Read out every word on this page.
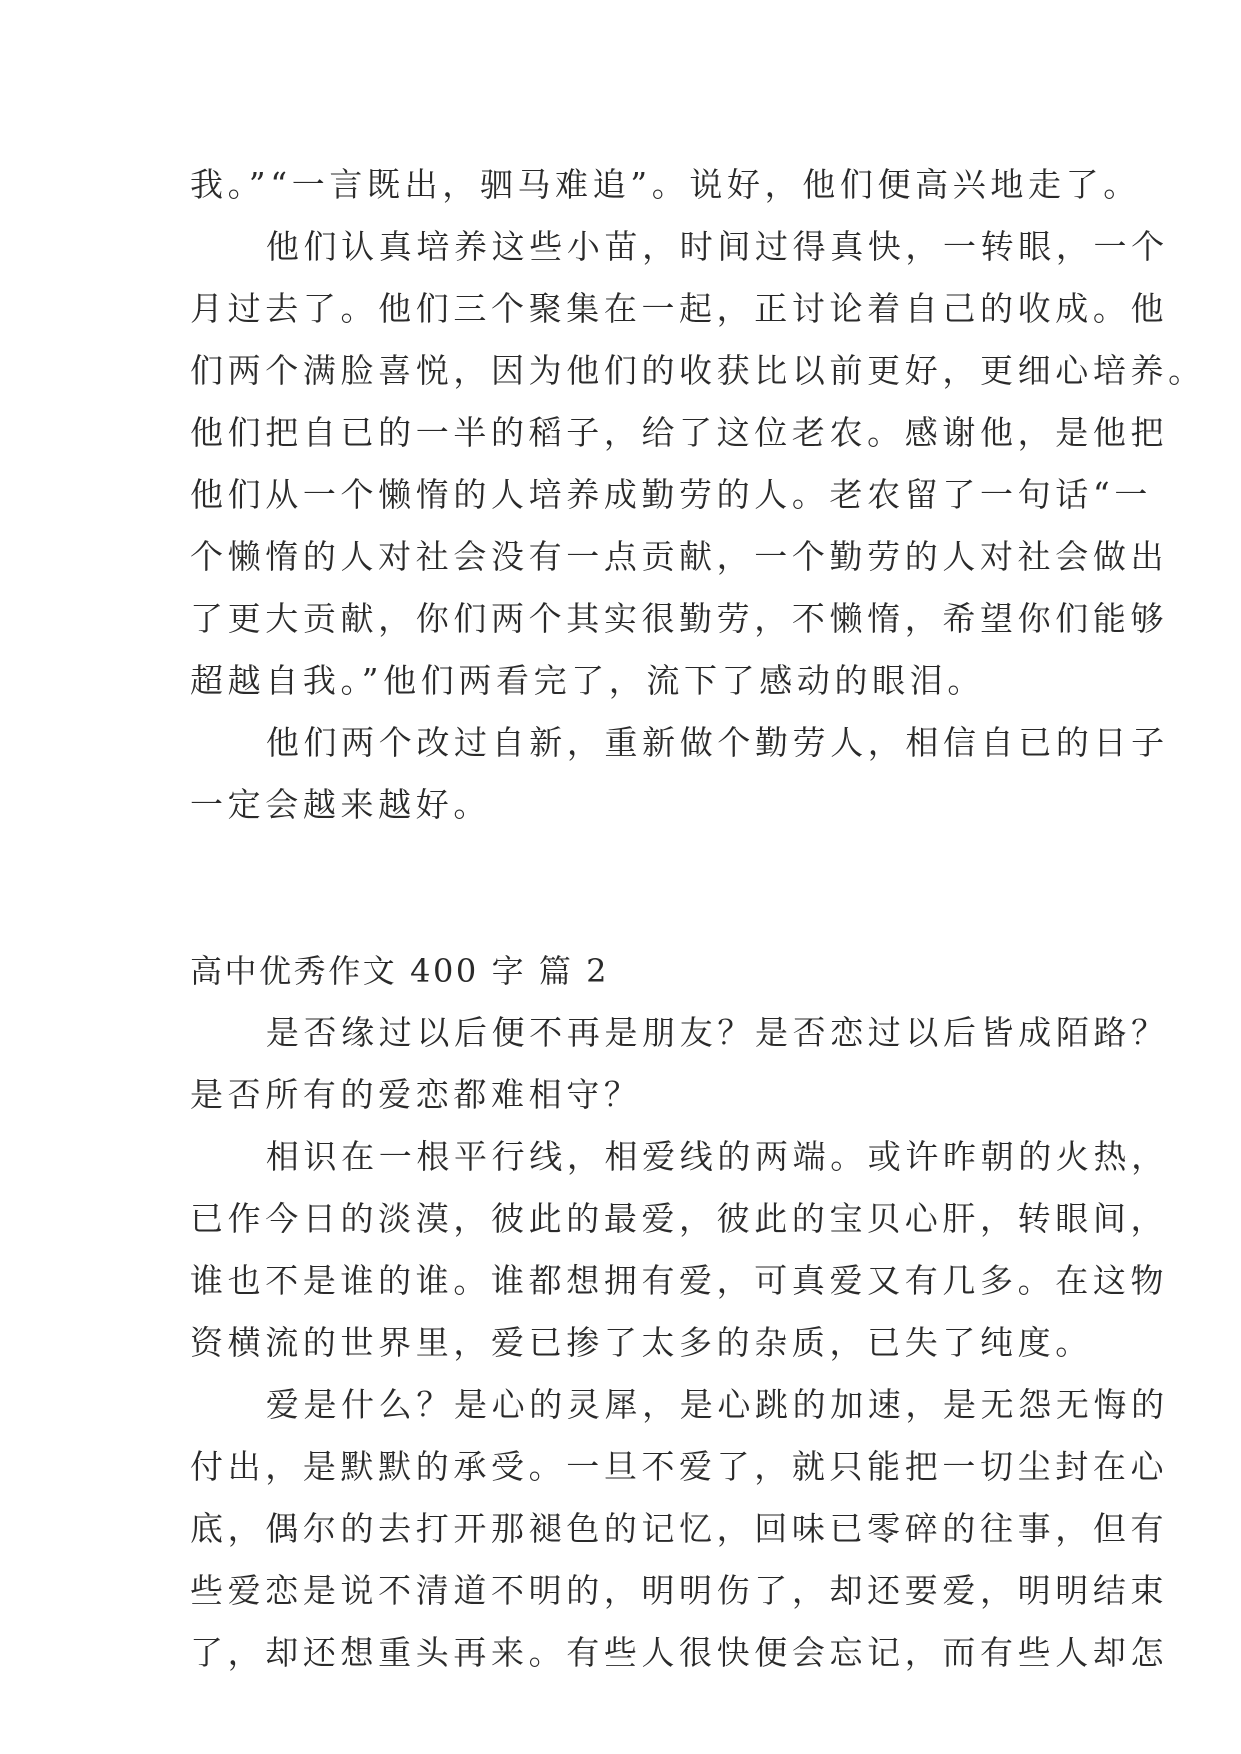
我。”“一言既出，驷马难追”。说好，他们便高兴地走了。

他们认真培养这些小苗，时间过得真快，一转眼，一个

月过去了。他们三个聚集在一起，正讨论着自己的收成。他

们两个满脸喜悦，因为他们的收获比以前更好，更细心培养。

他们把自已的一半的稻子，给了这位老农。感谢他，是他把

他们从一个懒惰的人培养成勤劳的人。老农留了一句话“一

个懒惰的人对社会没有一点贡献，一个勤劳的人对社会做出

了更大贡献，你们两个其实很勤劳，不懒惰，希望你们能够

超越自我。”他们两看完了，流下了感动的眼泪。

他们两个改过自新，重新做个勤劳人，相信自已的日子

一定会越来越好。

高中优秀作文 400 字 篇 2

是否缘过以后便不再是朋友？是否恋过以后皆成陌路？

是否所有的爱恋都难相守？

相识在一根平行线，相爱线的两端。或许昨朝的火热，

已作今日的淡漠，彼此的最爱，彼此的宝贝心肝，转眼间，

谁也不是谁的谁。谁都想拥有爱，可真爱又有几多。在这物

资横流的世界里，爱已掺了太多的杂质，已失了纯度。

爱是什么？是心的灵犀，是心跳的加速，是无怨无悔的

付出，是默默的承受。一旦不爱了，就只能把一切尘封在心

底，偶尔的去打开那褪色的记忆，回味已零碎的往事，但有

些爱恋是说不清道不明的，明明伤了，却还要爱，明明结束

了，却还想重头再来。有些人很快便会忘记，而有些人却怎
